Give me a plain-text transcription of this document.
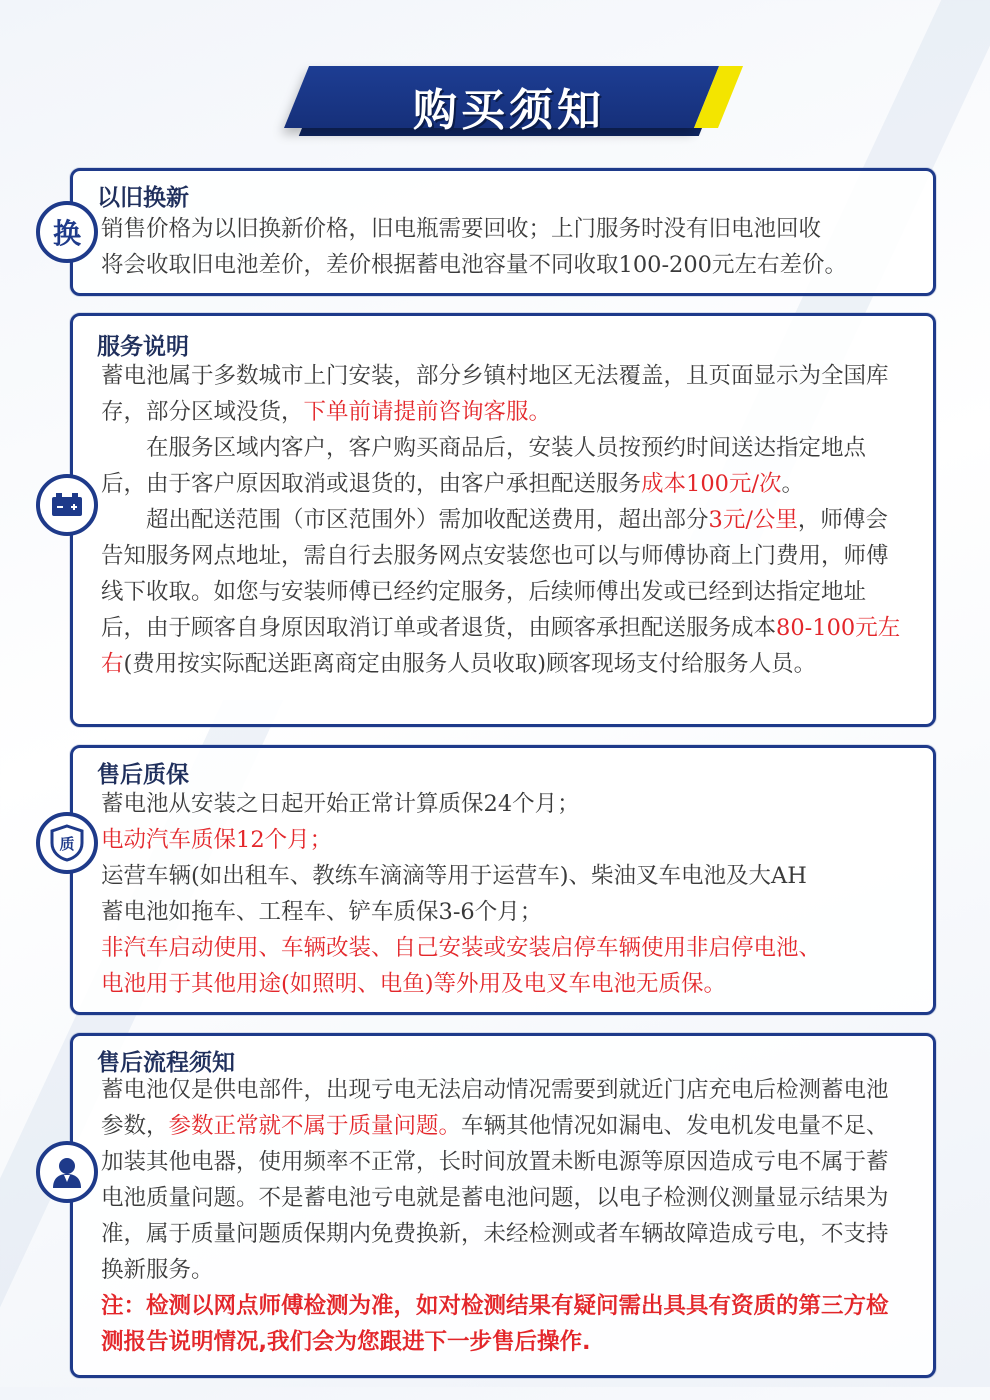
购买须知
以旧换新

销售价格为以旧换新价格，旧电瓶需要回收；上门服务时没有旧电池回收

将会收取旧电池差价，差价根据蓄电池容量不同收取100-200元左右差价。

换
服务说明

蓄电池属于多数城市上门安装，部分乡镇村地区无法覆盖，且页面显示为全国库存，部分区域没货，下单前请提前咨询客服。

在服务区域内客户，客户购买商品后，安装人员按预约时间送达指定地点后，由于客户原因取消或退货的，由客户承担配送服务成本100元/次。

超出配送范围（市区范围外）需加收配送费用，超出部分3元/公里，师傅会告知服务网点地址，需自行去服务网点安装您也可以与师傅协商上门费用，师傅线下收取。如您与安装师傅已经约定服务，后续师傅出发或已经到达指定地址后，由于顾客自身原因取消订单或者退货，由顾客承担配送服务成本80-100元左右(费用按实际配送距离商定由服务人员收取)顾客现场支付给服务人员。

售后质保

蓄电池从安装之日起开始正常计算质保24个月；

电动汽车质保12个月；

运营车辆(如出租车、教练车滴滴等用于运营车)、柴油叉车电池及大AH

蓄电池如拖车、工程车、铲车质保3-6个月；

非汽车启动使用、车辆改装、自己安装或安装启停车辆使用非启停电池、

电池用于其他用途(如照明、电鱼)等外用及电叉车电池无质保。

质
售后流程须知

蓄电池仅是供电部件，出现亏电无法启动情况需要到就近门店充电后检测蓄电池参数，参数正常就不属于质量问题。车辆其他情况如漏电、发电机发电量不足、加装其他电器，使用频率不正常，长时间放置未断电源等原因造成亏电不属于蓄电池质量问题。不是蓄电池亏电就是蓄电池问题，以电子检测仪测量显示结果为准，属于质量问题质保期内免费换新，未经检测或者车辆故障造成亏电，不支持换新服务。

注：检测以网点师傅检测为准，如对检测结果有疑问需出具具有资质的第三方检测报告说明情况,我们会为您跟进下一步售后操作.
